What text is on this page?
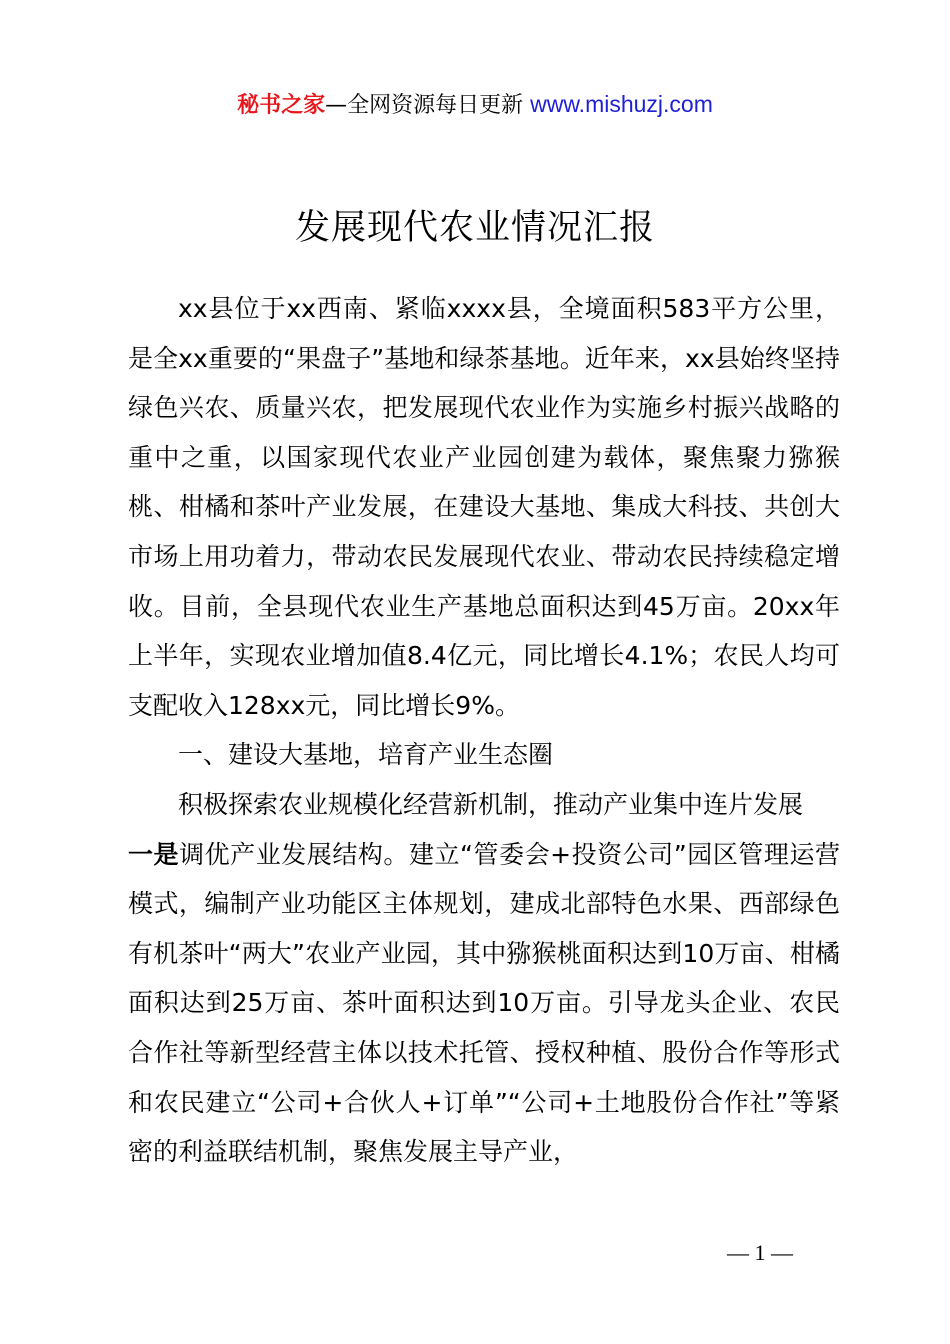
秘书之家—全网资源每日更新 www.mishuzj.com
发展现代农业情况汇报

xx县位于xx西南、紧临xxxx县，全境面积583平方公里，是全xx重要的“果盘子”基地和绿茶基地。近年来，xx县始终坚持绿色兴农、质量兴农，把发展现代农业作为实施乡村振兴战略的重中之重，以国家现代农业产业园创建为载体，聚焦聚力猕猴桃、柑橘和茶叶产业发展，在建设大基地、集成大科技、共创大市场上用功着力，带动农民发展现代农业、带动农民持续稳定增收。目前，全县现代农业生产基地总面积达到45万亩。20xx年上半年，实现农业增加值8.4亿元，同比增长4.1%；农民人均可支配收入128xx元，同比增长9%。

一、建设大基地，培育产业生态圈

积极探索农业规模化经营新机制，推动产业集中连片发展

一是调优产业发展结构。建立“管委会+投资公司”园区管理运营模式，编制产业功能区主体规划，建成北部特色水果、西部绿色有机茶叶“两大”农业产业园，其中猕猴桃面积达到10万亩、柑橘面积达到25万亩、茶叶面积达到10万亩。引导龙头企业、农民合作社等新型经营主体以技术托管、授权种植、股份合作等形式和农民建立“公司+合伙人+订单”“公司+土地股份合作社”等紧密的利益联结机制，聚焦发展主导产业，

— 1 —
